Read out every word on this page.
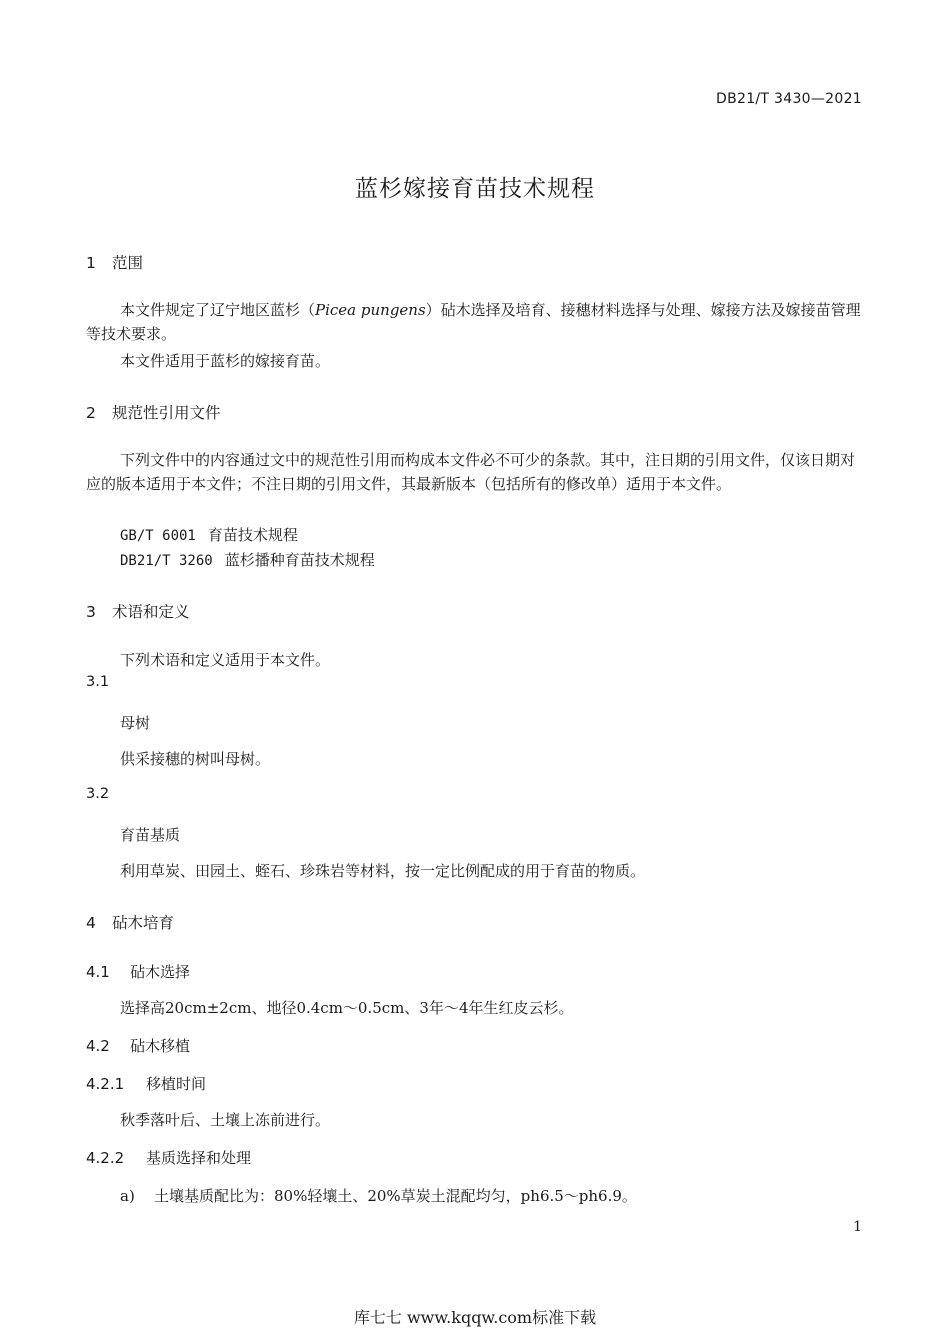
DB21/T 3430—2021
蓝杉嫁接育苗技术规程
1 范围
本文件规定了辽宁地区蓝杉（Picea pungens）砧木选择及培育、接穗材料选择与处理、嫁接方法及嫁接苗管理等技术要求。
本文件适用于蓝杉的嫁接育苗。
2 规范性引用文件
下列文件中的内容通过文中的规范性引用而构成本文件必不可少的条款。其中，注日期的引用文件，仅该日期对应的版本适用于本文件；不注日期的引用文件，其最新版本（包括所有的修改单）适用于本文件。
GB/T 6001 育苗技术规程
DB21/T 3260 蓝杉播种育苗技术规程
3 术语和定义
下列术语和定义适用于本文件。
3.1
母树
供采接穗的树叫母树。
3.2
育苗基质
利用草炭、田园土、蛭石、珍珠岩等材料，按一定比例配成的用于育苗的物质。
4 砧木培育
4.1 砧木选择
选择高20cm±2cm、地径0.4cm～0.5cm、3年～4年生红皮云杉。
4.2 砧木移植
4.2.1 移植时间
秋季落叶后、土壤上冻前进行。
4.2.2 基质选择和处理
a) 土壤基质配比为：80%轻壤土、20%草炭土混配均匀，ph6.5～ph6.9。
1
库七七 www.kqqw.com标准下载
